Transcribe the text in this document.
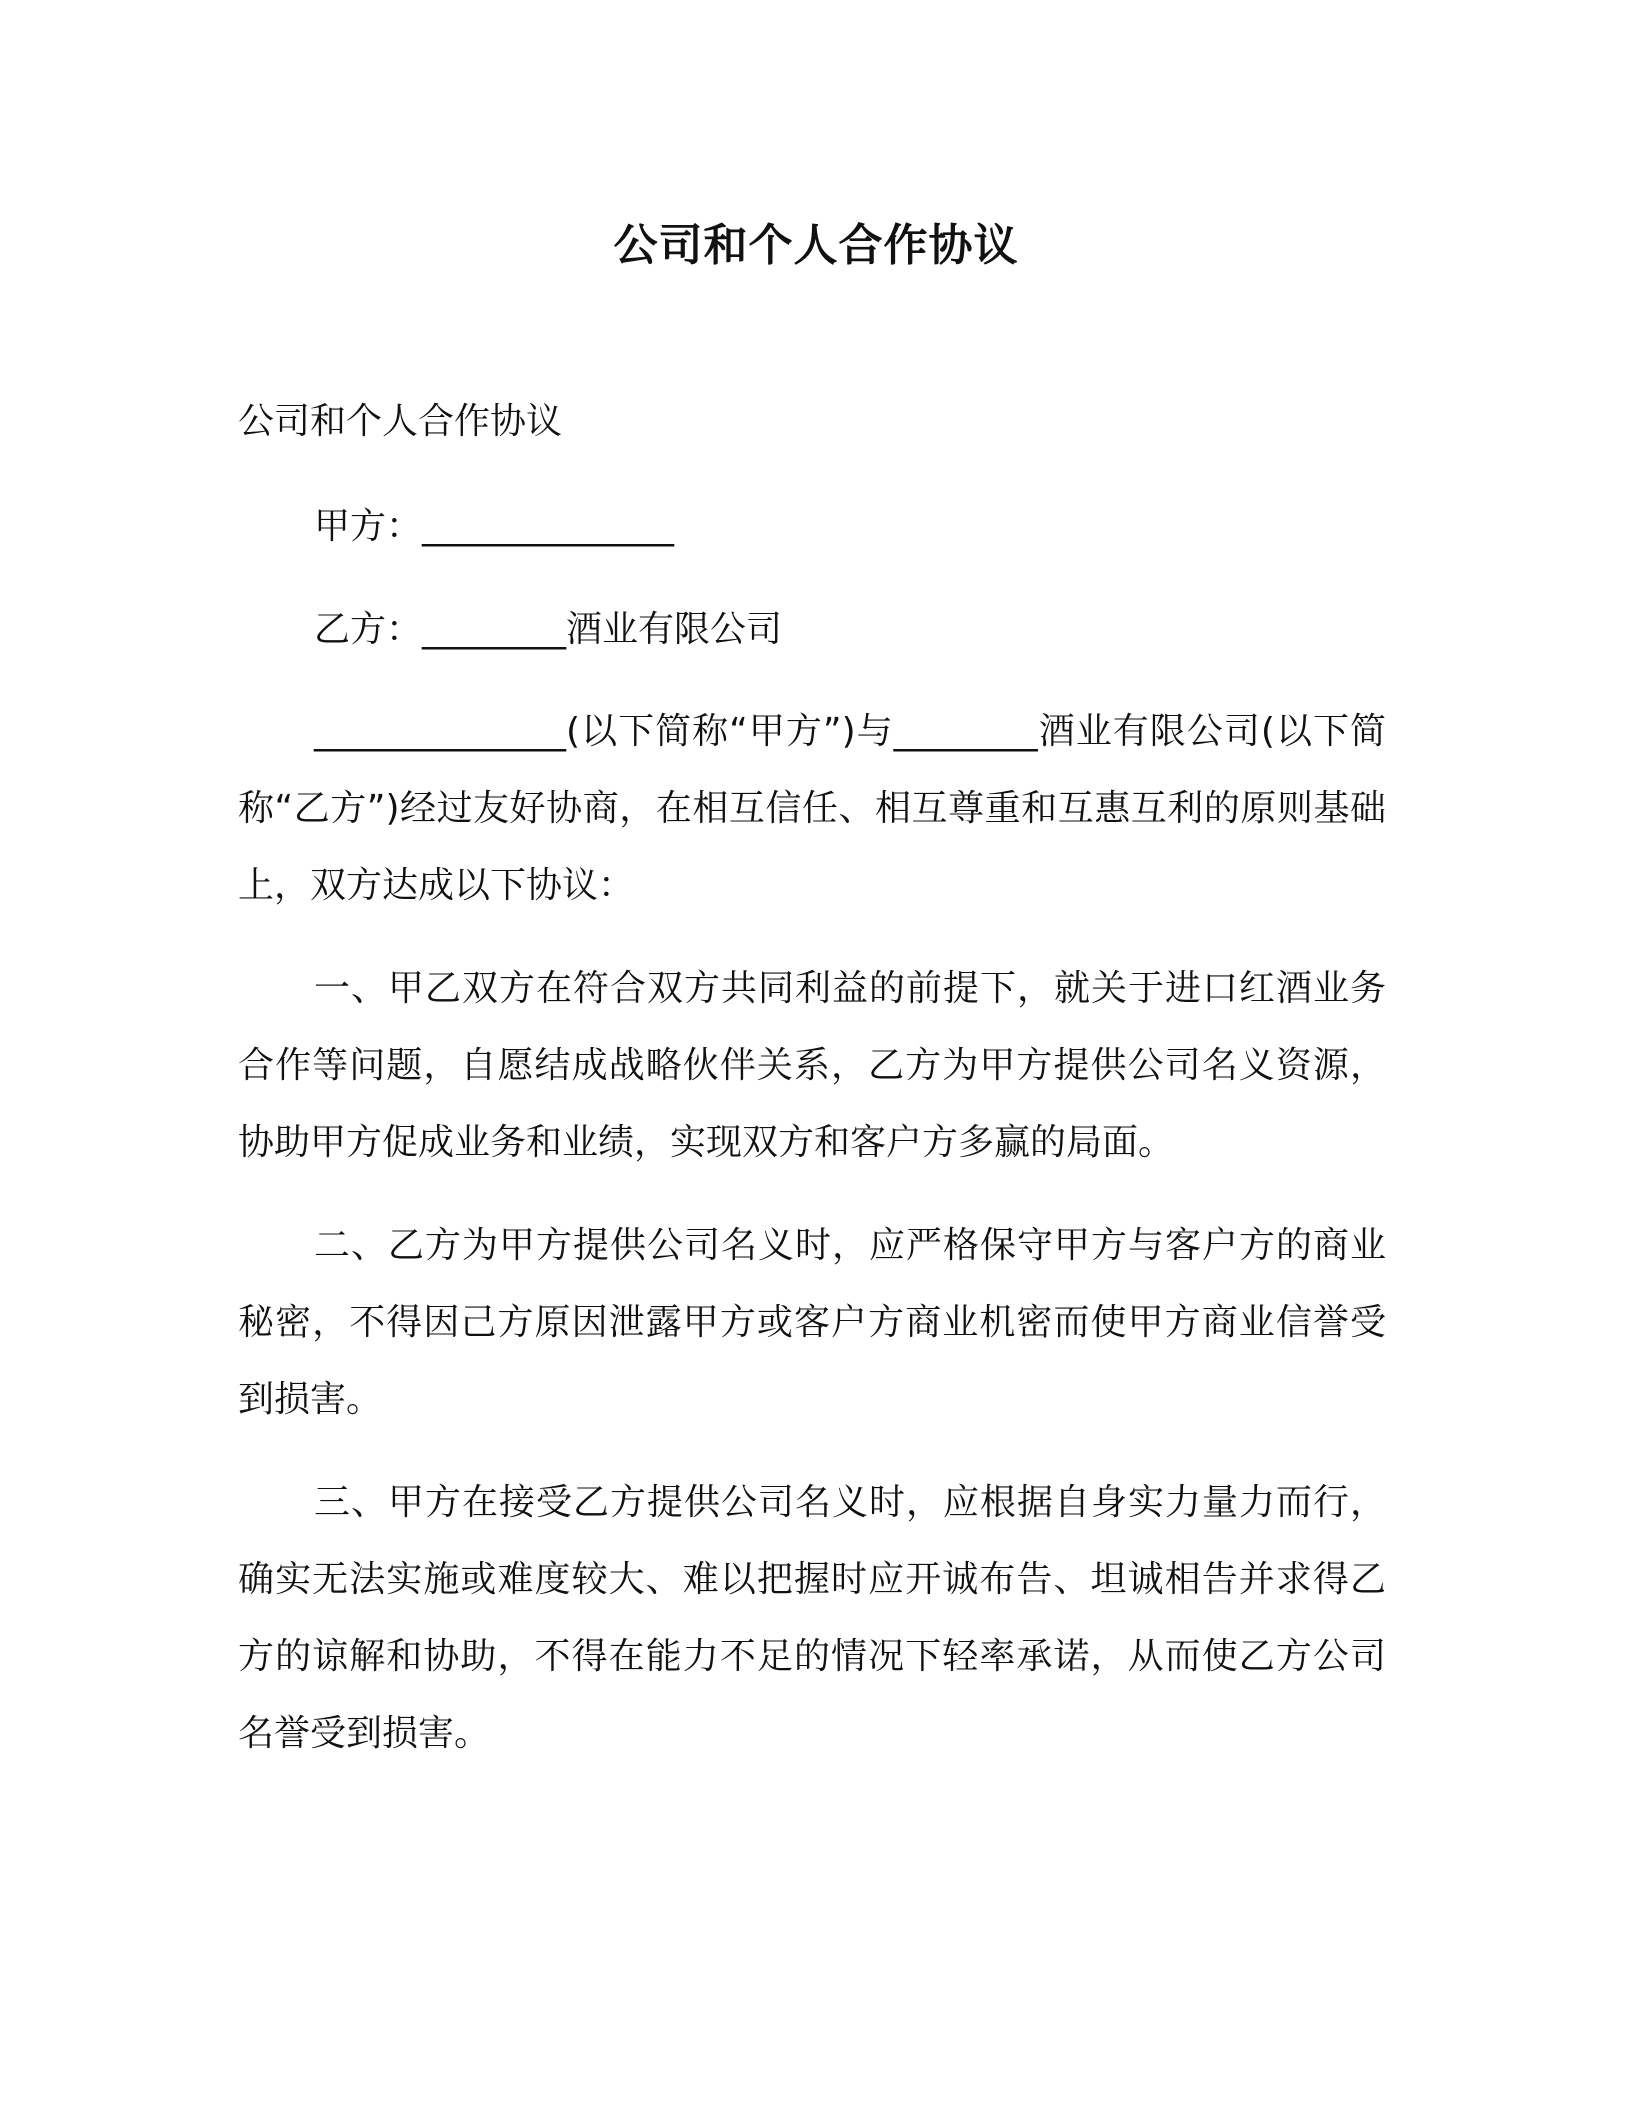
公司和个人合作协议
公司和个人合作协议
甲方：______________
乙方：________酒业有限公司

______________(以下简称“甲方”)与________酒业有限公司(以下简称“乙方”)经过友好协商，在相互信任、相互尊重和互惠互利的原则基础上，双方达成以下协议：

一、甲乙双方在符合双方共同利益的前提下，就关于进口红酒业务合作等问题，自愿结成战略伙伴关系，乙方为甲方提供公司名义资源，协助甲方促成业务和业绩，实现双方和客户方多赢的局面。

二、乙方为甲方提供公司名义时，应严格保守甲方与客户方的商业秘密，不得因己方原因泄露甲方或客户方商业机密而使甲方商业信誉受到损害。

三、甲方在接受乙方提供公司名义时，应根据自身实力量力而行，确实无法实施或难度较大、难以把握时应开诚布告、坦诚相告并求得乙方的谅解和协助，不得在能力不足的情况下轻率承诺，从而使乙方公司名誉受到损害。
